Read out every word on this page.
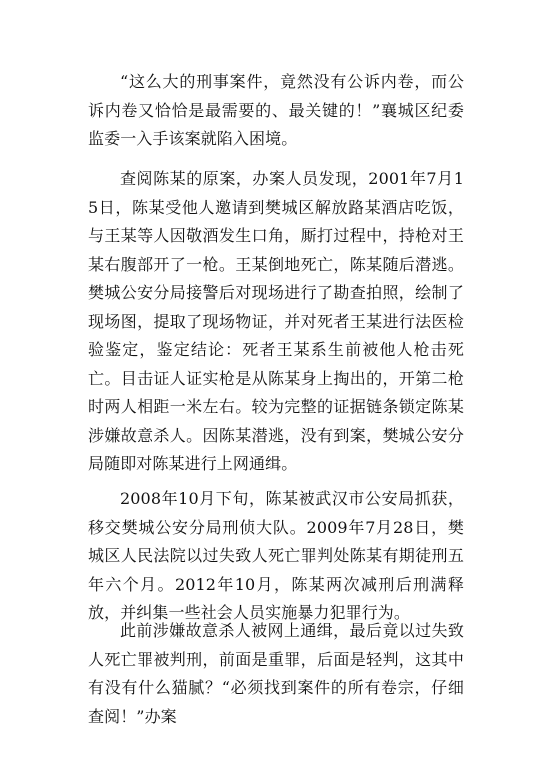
“这么大的刑事案件，竟然没有公诉内卷，而公诉内卷又恰恰是最需要的、最关键的！”襄城区纪委监委一入手该案就陷入困境。

查阅陈某的原案，办案人员发现，2001年7月15日，陈某受他人邀请到樊城区解放路某酒店吃饭，与王某等人因敬酒发生口角，厮打过程中，持枪对王某右腹部开了一枪。王某倒地死亡，陈某随后潜逃。樊城公安分局接警后对现场进行了勘查拍照，绘制了现场图，提取了现场物证，并对死者王某进行法医检验鉴定，鉴定结论：死者王某系生前被他人枪击死亡。目击证人证实枪是从陈某身上掏出的，开第二枪时两人相距一米左右。较为完整的证据链条锁定陈某涉嫌故意杀人。因陈某潜逃，没有到案，樊城公安分局随即对陈某进行上网通缉。

2008年10月下旬，陈某被武汉市公安局抓获，移交樊城公安分局刑侦大队。2009年7月28日，樊城区人民法院以过失致人死亡罪判处陈某有期徒刑五年六个月。2012年10月，陈某两次减刑后刑满释放，并纠集一些社会人员实施暴力犯罪行为。

此前涉嫌故意杀人被网上通缉，最后竟以过失致人死亡罪被判刑，前面是重罪，后面是轻判，这其中有没有什么猫腻？“必须找到案件的所有卷宗，仔细查阅！”办案
